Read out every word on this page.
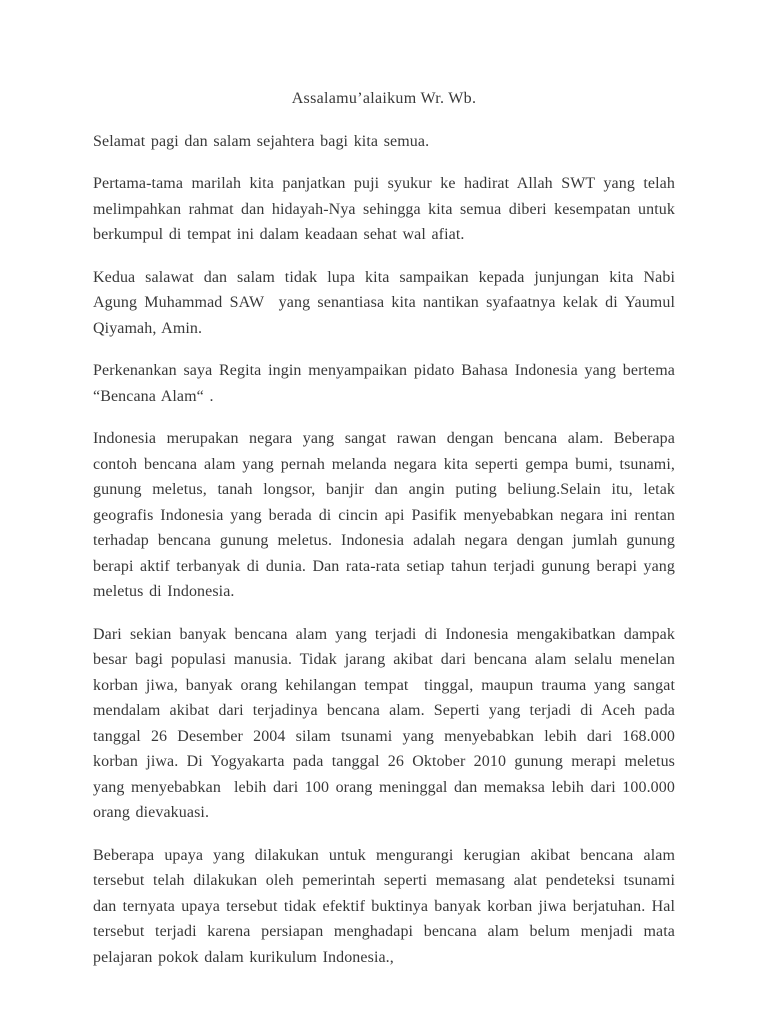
Assalamu’alaikum Wr. Wb.

Selamat pagi dan salam sejahtera bagi kita semua.

Pertama-tama marilah kita panjatkan puji syukur ke hadirat Allah SWT yang telah melimpahkan rahmat dan hidayah-Nya sehingga kita semua diberi kesempatan untuk berkumpul di tempat ini dalam keadaan sehat wal afiat.

Kedua salawat dan salam tidak lupa kita sampaikan kepada junjungan kita Nabi Agung Muhammad SAW  yang senantiasa kita nantikan syafaatnya kelak di Yaumul Qiyamah, Amin.

Perkenankan saya Regita ingin menyampaikan pidato Bahasa Indonesia yang bertema “Bencana Alam“ .

Indonesia merupakan negara yang sangat rawan dengan bencana alam. Beberapa contoh bencana alam yang pernah melanda negara kita seperti gempa bumi, tsunami, gunung meletus, tanah longsor, banjir dan angin puting beliung.Selain itu, letak geografis Indonesia yang berada di cincin api Pasifik menyebabkan negara ini rentan terhadap bencana gunung meletus. Indonesia adalah negara dengan jumlah gunung berapi aktif terbanyak di dunia. Dan rata-rata setiap tahun terjadi gunung berapi yang meletus di Indonesia.

Dari sekian banyak bencana alam yang terjadi di Indonesia mengakibatkan dampak besar bagi populasi manusia. Tidak jarang akibat dari bencana alam selalu menelan korban jiwa, banyak orang kehilangan tempat  tinggal, maupun trauma yang sangat mendalam akibat dari terjadinya bencana alam. Seperti yang terjadi di Aceh pada tanggal 26 Desember 2004 silam tsunami yang menyebabkan lebih dari 168.000 korban jiwa. Di Yogyakarta pada tanggal 26 Oktober 2010 gunung merapi meletus yang menyebabkan  lebih dari 100 orang meninggal dan memaksa lebih dari 100.000 orang dievakuasi.

Beberapa upaya yang dilakukan untuk mengurangi kerugian akibat bencana alam tersebut telah dilakukan oleh pemerintah seperti memasang alat pendeteksi tsunami dan ternyata upaya tersebut tidak efektif buktinya banyak korban jiwa berjatuhan. Hal tersebut terjadi karena persiapan menghadapi bencana alam belum menjadi mata pelajaran pokok dalam kurikulum Indonesia.,
